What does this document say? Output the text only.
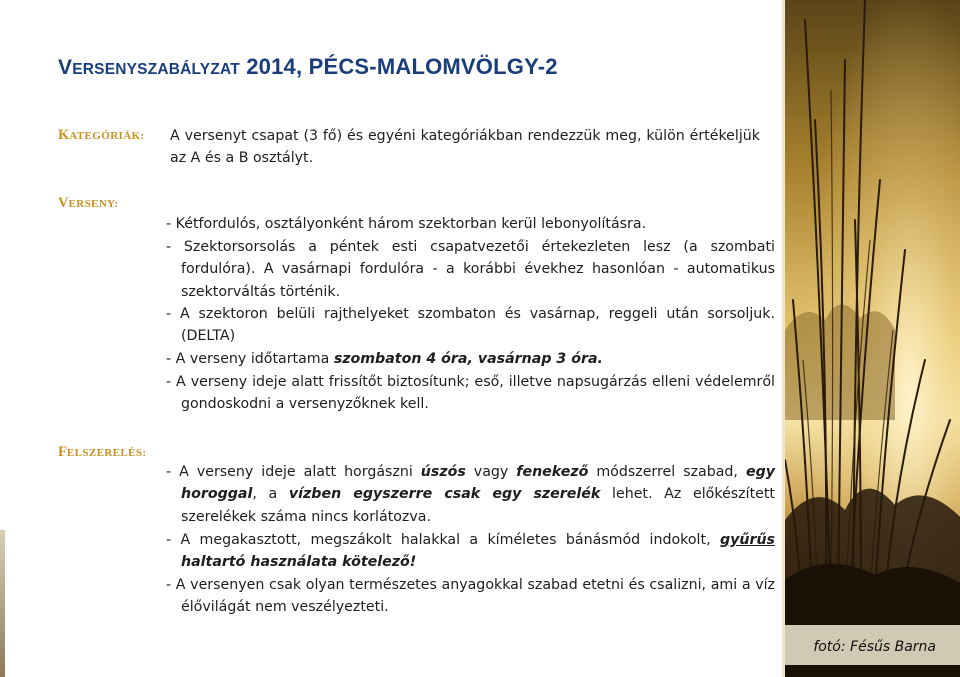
VERSENYSZABÁLYZAT 2014, PÉCS-MALOMVÖLGY-2
KATEGÓRIÁK: A versenyt csapat (3 fő) és egyéni kategóriákban rendezzük meg, külön értékeljük az A és a B osztályt.

VERSENY:

- Kétfordulós, osztályonként három szektorban kerül lebonyolításra.

- Szektorsorsolás a péntek esti csapatvezetői értekezleten lesz (a szombati fordulóra). A vasárnapi fordulóra - a korábbi évekhez hasonlóan - automatikus szektorváltás történik.

- A szektoron belüli rajthelyeket szombaton és vasárnap, reggeli után sorsoljuk. (DELTA)

- A verseny időtartama szombaton 4 óra, vasárnap 3 óra.

- A verseny ideje alatt frissítőt biztosítunk; eső, illetve napsugárzás elleni védelemről gondoskodni a versenyzőknek kell.

FELSZERELÉS:

- A verseny ideje alatt horgászni úszós vagy fenekező módszerrel szabad, egy horoggal, a vízben egyszerre csak egy szerelék lehet. Az előkészített szerelékek száma nincs korlátozva.

- A megakasztott, megszákolt halakkal a kíméletes bánásmód indokolt, gyűrűs haltartó használata kötelező!

- A versenyen csak olyan természetes anyagokkal szabad etetni és csalizni, ami a víz élővilágát nem veszélyezteti.

fotó: Fésűs Barna
